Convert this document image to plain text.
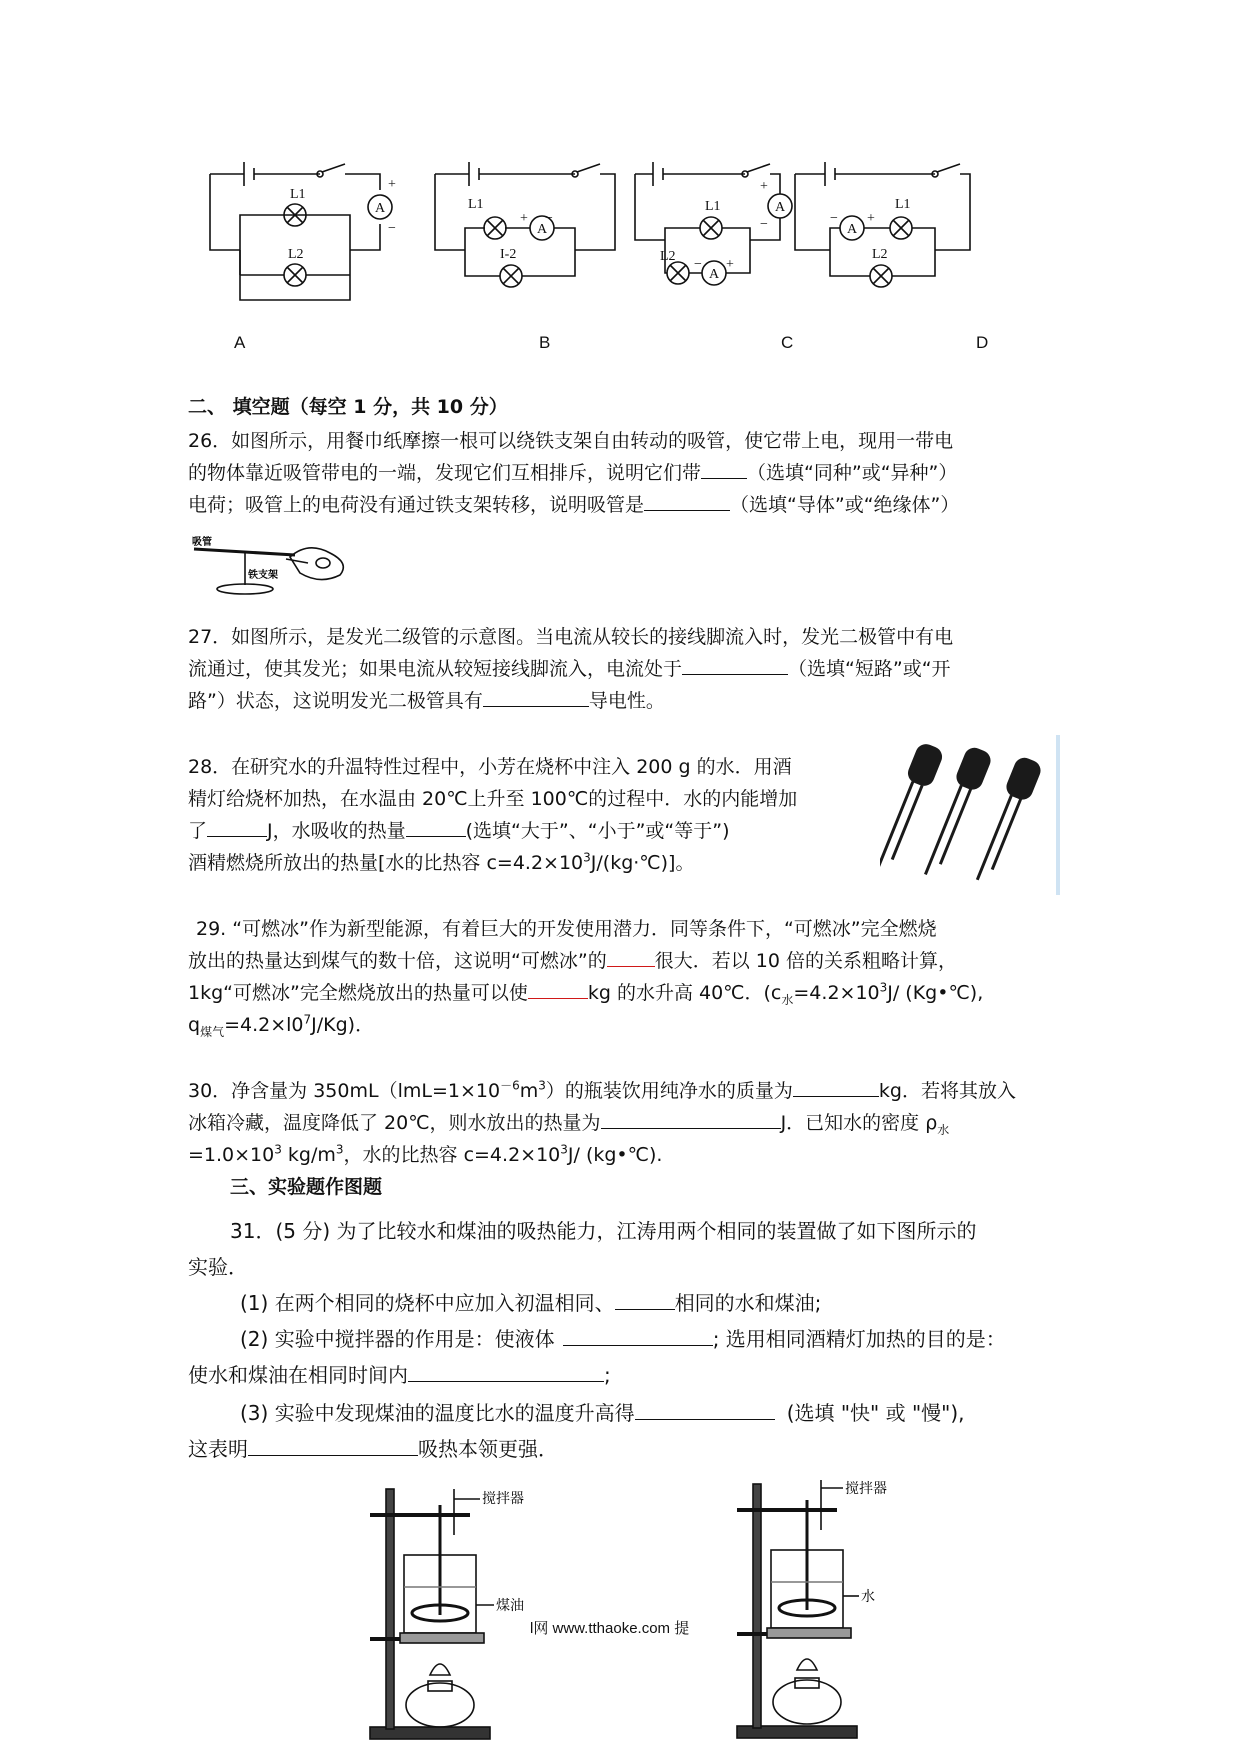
A
+
−
L1
L2
A
+ −
L1
I-2
A
+
−
L1
L2
A
− +
A
− +
L1
L2
A	B	C	D
二、 填空题（每空 1 分，共 10 分）
26．如图所示，用餐巾纸摩擦一根可以绕铁支架自由转动的吸管，使它带上电，现用一带电
的物体靠近吸管带电的一端，发现它们互相排斥，说明它们带 （选填“同种”或“异种”）
电荷；吸管上的电荷没有通过铁支架转移，说明吸管是	（选填“导体”或“绝缘体”）
吸管
铁支架
27．如图所示，是发光二级管的示意图。当电流从较长的接线脚流入时，发光二极管中有电
流通过，使其发光；如果电流从较短接线脚流入，电流处于	（选填“短路”或“开
路”）状态，这说明发光二极管具有	导电性。
28．在研究水的升温特性过程中，小芳在烧杯中注入 200 g 的水．用酒
精灯给烧杯加热，在水温由 20℃上升至 100℃的过程中．水的内能增加
了	J，水吸收的热量	(选填“大于”、“小于”或“等于”)
酒精燃烧所放出的热量[水的比热容 $c=4.2\times 10^3J/(kg\cdot℃)$]。
29. “可燃冰”作为新型能源，有着巨大的开发使用潜力．同等条件下，“可燃冰”完全燃烧
放出的热量达到煤气的数十倍，这说明“可燃冰”的	很大．若以 10 倍的关系粗略计算，
1kg“可燃冰”完全燃烧放出的热量可以使	kg 的水升高 40℃．($c_水=4.2\times 10^3J/$ (Kg•℃),
$q_{煤气}=4.2\times l0^7J/Kg$)．
30．净含量为 $350mL(lmL=1\times 10^{-6}m^3)$的瓶装饮用纯净水的质量为	kg．若将其放入
冰箱冷藏，温度降低了 20℃，则水放出的热量为	J．已知水的密度 $\rho_水$
$=1.0\times 10^3$ $kg/m^3$，水的比热容 $c=4.2\times 10^3J/$ (kg•℃).
三、实验题作图题
31．(5 分) 为了比较水和煤油的吸热能力，江涛用两个相同的装置做了如下图所示的
实验．
(1) 在两个相同的烧杯中应加入初温相同、	相同的水和煤油;
(2) 实验中搅拌器的作用是：使液体	; 选用相同酒精灯加热的目的是：
使水和煤油在相同时间内	;
(3) 实验中发现煤油的温度比水的温度升高得	(选填 "快" 或 "慢"),
这表明	吸热本领更强．
搅拌器
煤油
搅拌器
水
l网 www.tthaoke.com 提
